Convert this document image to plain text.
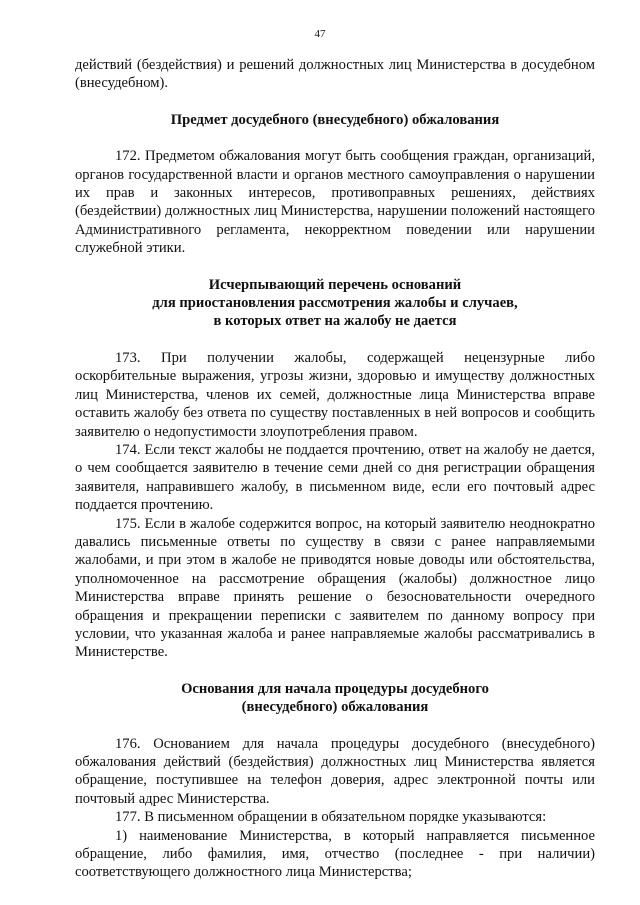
47

действий (бездействия) и решений должностных лиц Министерства в досудебном (внесудебном).

Предмет досудебного (внесудебного) обжалования

172. Предметом обжалования могут быть сообщения граждан, организаций, органов государственной власти и органов местного самоуправления о нарушении их прав и законных интересов, противоправных решениях, действиях (бездействии) должностных лиц Министерства, нарушении положений настоящего Административного регламента, некорректном поведении или нарушении служебной этики.

Исчерпывающий перечень оснований
для приостановления рассмотрения жалобы и случаев,
в которых ответ на жалобу не дается

173. При получении жалобы, содержащей нецензурные либо оскорбительные выражения, угрозы жизни, здоровью и имуществу должностных лиц Министерства, членов их семей, должностные лица Министерства вправе оставить жалобу без ответа по существу поставленных в ней вопросов и сообщить заявителю о недопустимости злоупотребления правом.

174. Если текст жалобы не поддается прочтению, ответ на жалобу не дается, о чем сообщается заявителю в течение семи дней со дня регистрации обращения заявителя, направившего жалобу, в письменном виде, если его почтовый адрес поддается прочтению.

175. Если в жалобе содержится вопрос, на который заявителю неоднократно давались письменные ответы по существу в связи с ранее направляемыми жалобами, и при этом в жалобе не приводятся новые доводы или обстоятельства, уполномоченное на рассмотрение обращения (жалобы) должностное лицо Министерства вправе принять решение о безосновательности очередного обращения и прекращении переписки с заявителем по данному вопросу при условии, что указанная жалоба и ранее направляемые жалобы рассматривались в Министерстве.

Основания для начала процедуры досудебного
(внесудебного) обжалования

176. Основанием для начала процедуры досудебного (внесудебного) обжалования действий (бездействия) должностных лиц Министерства является обращение, поступившее на телефон доверия, адрес электронной почты или почтовый адрес Министерства.

177. В письменном обращении в обязательном порядке указываются:

1) наименование Министерства, в который направляется письменное обращение, либо фамилия, имя, отчество (последнее - при наличии) соответствующего должностного лица Министерства;
